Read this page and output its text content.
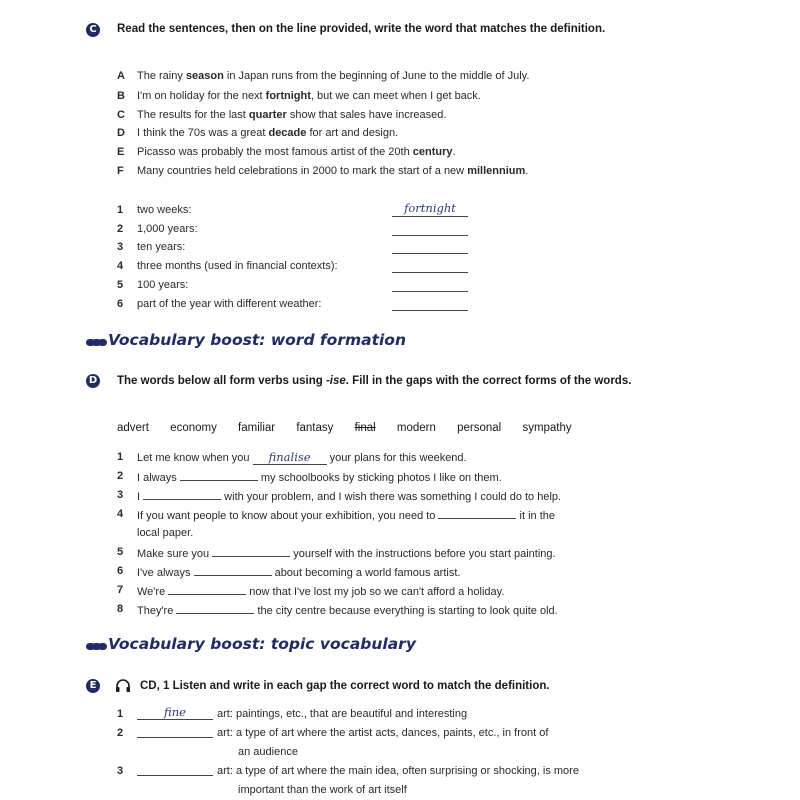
C Read the sentences, then on the line provided, write the word that matches the definition.
A The rainy season in Japan runs from the beginning of June to the middle of July.
B I'm on holiday for the next fortnight, but we can meet when I get back.
C The results for the last quarter show that sales have increased.
D I think the 70s was a great decade for art and design.
E Picasso was probably the most famous artist of the 20th century.
F Many countries held celebrations in 2000 to mark the start of a new millennium.
1 two weeks:	fortnight
2 1,000 years:
3 ten years:
4 three months (used in financial contexts):
5 100 years:
6 part of the year with different weather:
Vocabulary boost: word formation
D The words below all form verbs using -ise. Fill in the gaps with the correct forms of the words.
advert economy familiar fantasy final modern personal sympathy
1 Let me know when you finalise your plans for this weekend.
2 I always	my schoolbooks by sticking photos I like on them.
3 I	with your problem, and I wish there was something I could do to help.
4 If you want people to know about your exhibition, you need to	it in the
local paper.
5 Make sure you	yourself with the instructions before you start painting.
6 I've always	about becoming a world famous artist.
7 We're	now that I've lost my job so we can't afford a holiday.
8 They're	the city centre because everything is starting to look quite old.
Vocabulary boost: topic vocabulary
E	CD, 1 Listen and write in each gap the correct word to match the definition.
1	fine	art: paintings, etc., that are beautiful and interesting
2	art: a type of art where the artist acts, dances, paints, etc., in front of
an audience
3	art: a type of art where the main idea, often surprising or shocking, is more
important than the work of art itself
